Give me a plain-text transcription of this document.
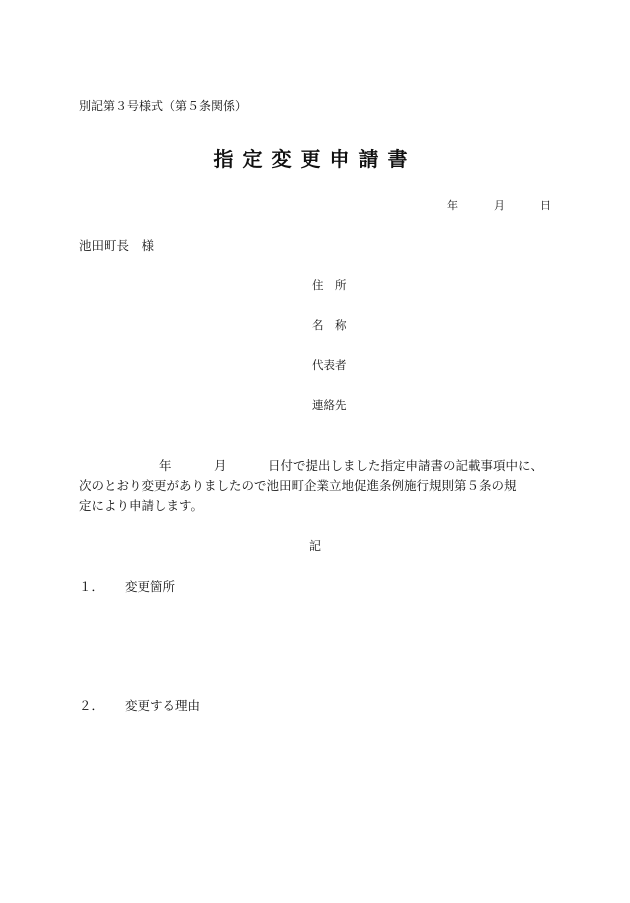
別記第３号様式（第５条関係）
指定変更申請書
年	月	日
池田町長　様
住　所
名　称
代表者
連絡先
年	月	日付で提出しました指定申請書の記載事項中に、
次のとおり変更がありましたので池田町企業立地促進条例施行規則第５条の規
定により申請します。
記
１． 変更箇所
２． 変更する理由
